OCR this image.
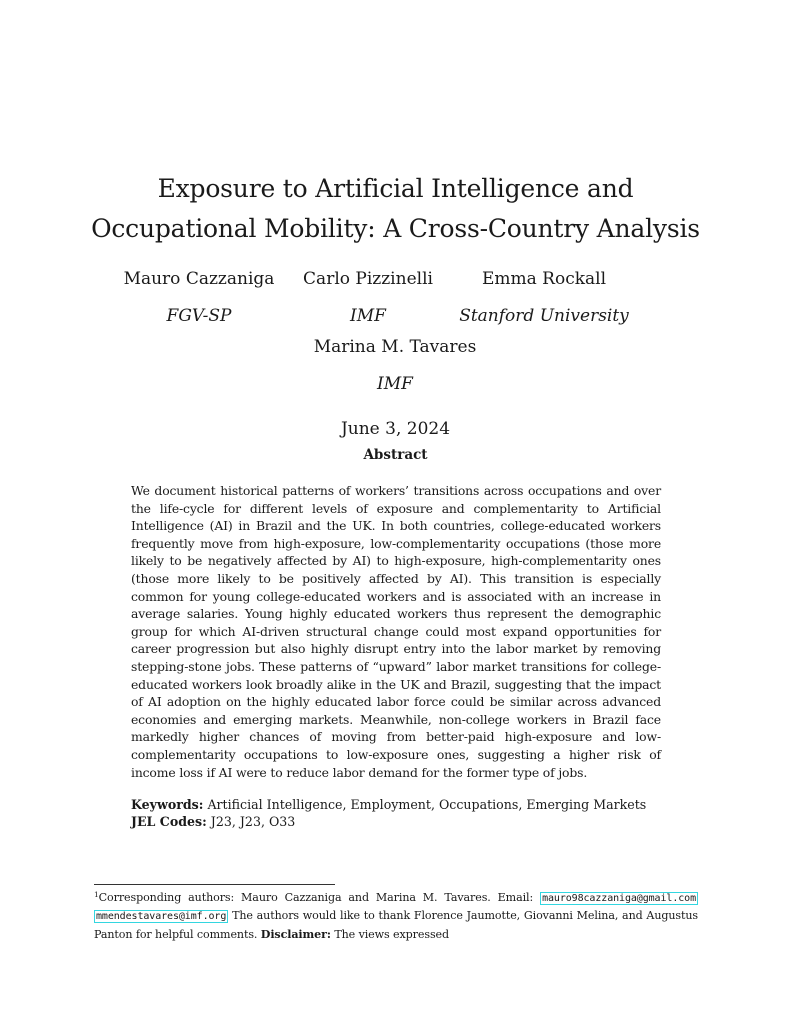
Exposure to Artificial Intelligence and Occupational Mobility: A Cross-Country Analysis
Mauro Cazzaniga
FGV-SP
Carlo Pizzinelli
IMF
Emma Rockall
Stanford University
Marina M. Tavares
IMF
June 3, 2024
Abstract

We document historical patterns of workers’ transitions across occupations and over the life-cycle for different levels of exposure and complementarity to Artificial Intelligence (AI) in Brazil and the UK. In both countries, college-educated workers frequently move from high-exposure, low-complementarity occupations (those more likely to be negatively affected by AI) to high-exposure, high-complementarity ones (those more likely to be positively affected by AI). This transition is especially common for young college-educated workers and is associated with an increase in average salaries. Young highly educated workers thus represent the demographic group for which AI-driven structural change could most expand opportunities for career progression but also highly disrupt entry into the labor market by removing stepping-stone jobs. These patterns of “upward” labor market transitions for college-educated workers look broadly alike in the UK and Brazil, suggesting that the impact of AI adoption on the highly educated labor force could be similar across advanced economies and emerging markets. Meanwhile, non-college workers in Brazil face markedly higher chances of moving from better-paid high-exposure and low-complementarity occupations to low-exposure ones, suggesting a higher risk of income loss if AI were to reduce labor demand for the former type of jobs.

Keywords: Artificial Intelligence, Employment, Occupations, Emerging Markets
JEL Codes: J23, J23, O33

$^1$Corresponding authors: Mauro Cazzaniga and Marina M. Tavares. Email: mauro98cazzaniga@gmail.com mmendestavares@imf.org The authors would like to thank Florence Jaumotte, Giovanni Melina, and Augustus Panton for helpful comments. Disclaimer: The views expressed
